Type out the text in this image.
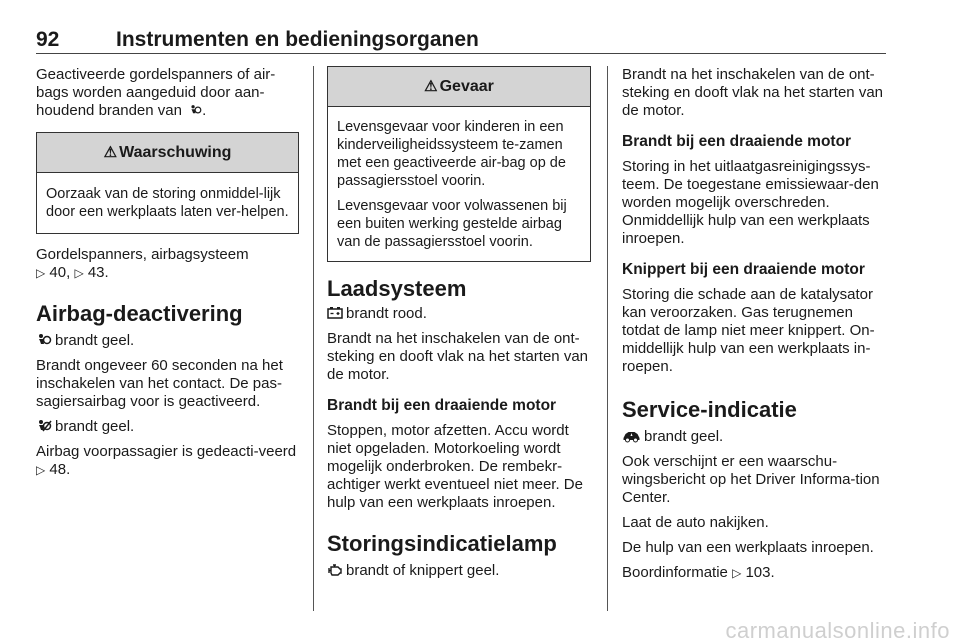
92	Instrumenten en bedieningsorganen

Geactiveerde gordelspanners of air-bags worden aangeduid door aan-houdend branden van .

⚠ Waarschuwing

Oorzaak van de storing onmiddel-lijk door een werkplaats laten ver-helpen.

Gordelspanners, airbagsysteem

▷ 40, ▷ 43.

Airbag-deactivering

brandt geel.

Brandt ongeveer 60 seconden na het inschakelen van het contact. De pas-sagiersairbag voor is geactiveerd.

brandt geel.

Airbag voorpassagier is gedeacti-veerd ▷ 48.

⚠ Gevaar

Levensgevaar voor kinderen in een kinderveiligheidssysteem te-zamen met een geactiveerde air-bag op de passagiersstoel voorin.

Levensgevaar voor volwassenen bij een buiten werking gestelde airbag van de passagiersstoel voorin.

Laadsysteem

brandt rood.

Brandt na het inschakelen van de ont-steking en dooft vlak na het starten van de motor.

Brandt bij een draaiende motor

Stoppen, motor afzetten. Accu wordt niet opgeladen. Motorkoeling wordt mogelijk onderbroken. De rembekr-achtiger werkt eventueel niet meer. De hulp van een werkplaats inroepen.

Storingsindicatielamp

brandt of knippert geel.

Brandt na het inschakelen van de ont-steking en dooft vlak na het starten van de motor.

Brandt bij een draaiende motor

Storing in het uitlaatgasreinigingssys-teem. De toegestane emissiewaar-den worden mogelijk overschreden. Onmiddellijk hulp van een werkplaats inroepen.

Knippert bij een draaiende motor

Storing die schade aan de katalysator kan veroorzaken. Gas terugnemen totdat de lamp niet meer knippert. On-middellijk hulp van een werkplaats in-roepen.

Service-indicatie

brandt geel.

Ook verschijnt er een waarschu-wingsbericht op het Driver Informa-tion Center.

Laat de auto nakijken.

De hulp van een werkplaats inroepen.

Boordinformatie ▷ 103.

carmanualsonline.info
